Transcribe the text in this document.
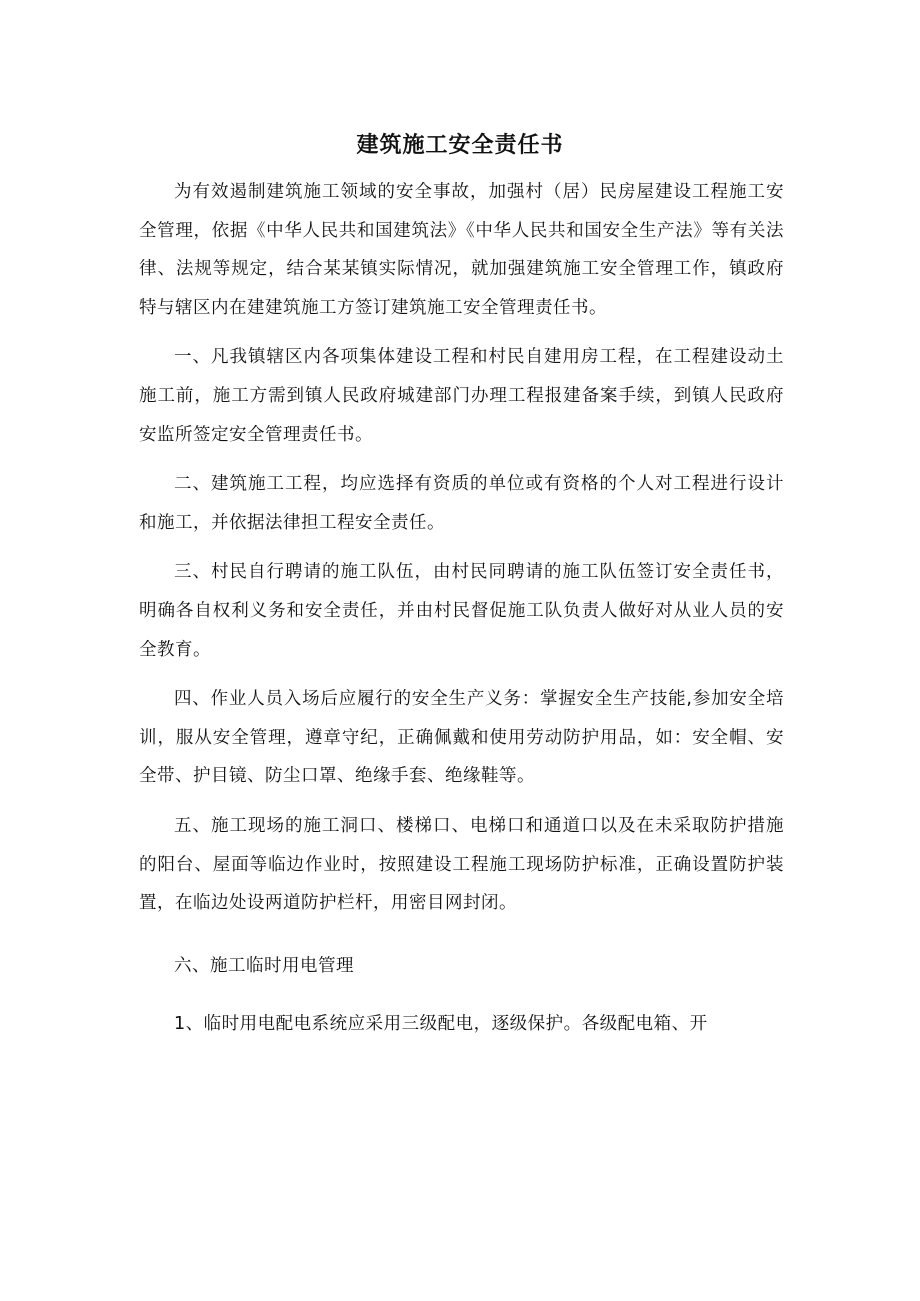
建筑施工安全责任书

为有效遏制建筑施工领域的安全事故，加强村（居）民房屋建设工程施工安全管理，依据《中华人民共和国建筑法》《中华人民共和国安全生产法》等有关法律、法规等规定，结合某某镇实际情况，就加强建筑施工安全管理工作，镇政府特与辖区内在建建筑施工方签订建筑施工安全管理责任书。

一、凡我镇辖区内各项集体建设工程和村民自建用房工程，在工程建设动土施工前，施工方需到镇人民政府城建部门办理工程报建备案手续，到镇人民政府安监所签定安全管理责任书。

二、建筑施工工程，均应选择有资质的单位或有资格的个人对工程进行设计和施工，并依据法律担工程安全责任。

三、村民自行聘请的施工队伍，由村民同聘请的施工队伍签订安全责任书，明确各自权利义务和安全责任，并由村民督促施工队负责人做好对从业人员的安全教育。

四、作业人员入场后应履行的安全生产义务：掌握安全生产技能,参加安全培训，服从安全管理，遵章守纪，正确佩戴和使用劳动防护用品，如：安全帽、安全带、护目镜、防尘口罩、绝缘手套、绝缘鞋等。

五、施工现场的施工洞口、楼梯口、电梯口和通道口以及在未采取防护措施的阳台、屋面等临边作业时，按照建设工程施工现场防护标准，正确设置防护装置，在临边处设两道防护栏杆，用密目网封闭。

六、施工临时用电管理

1、临时用电配电系统应采用三级配电，逐级保护。各级配电箱、开
